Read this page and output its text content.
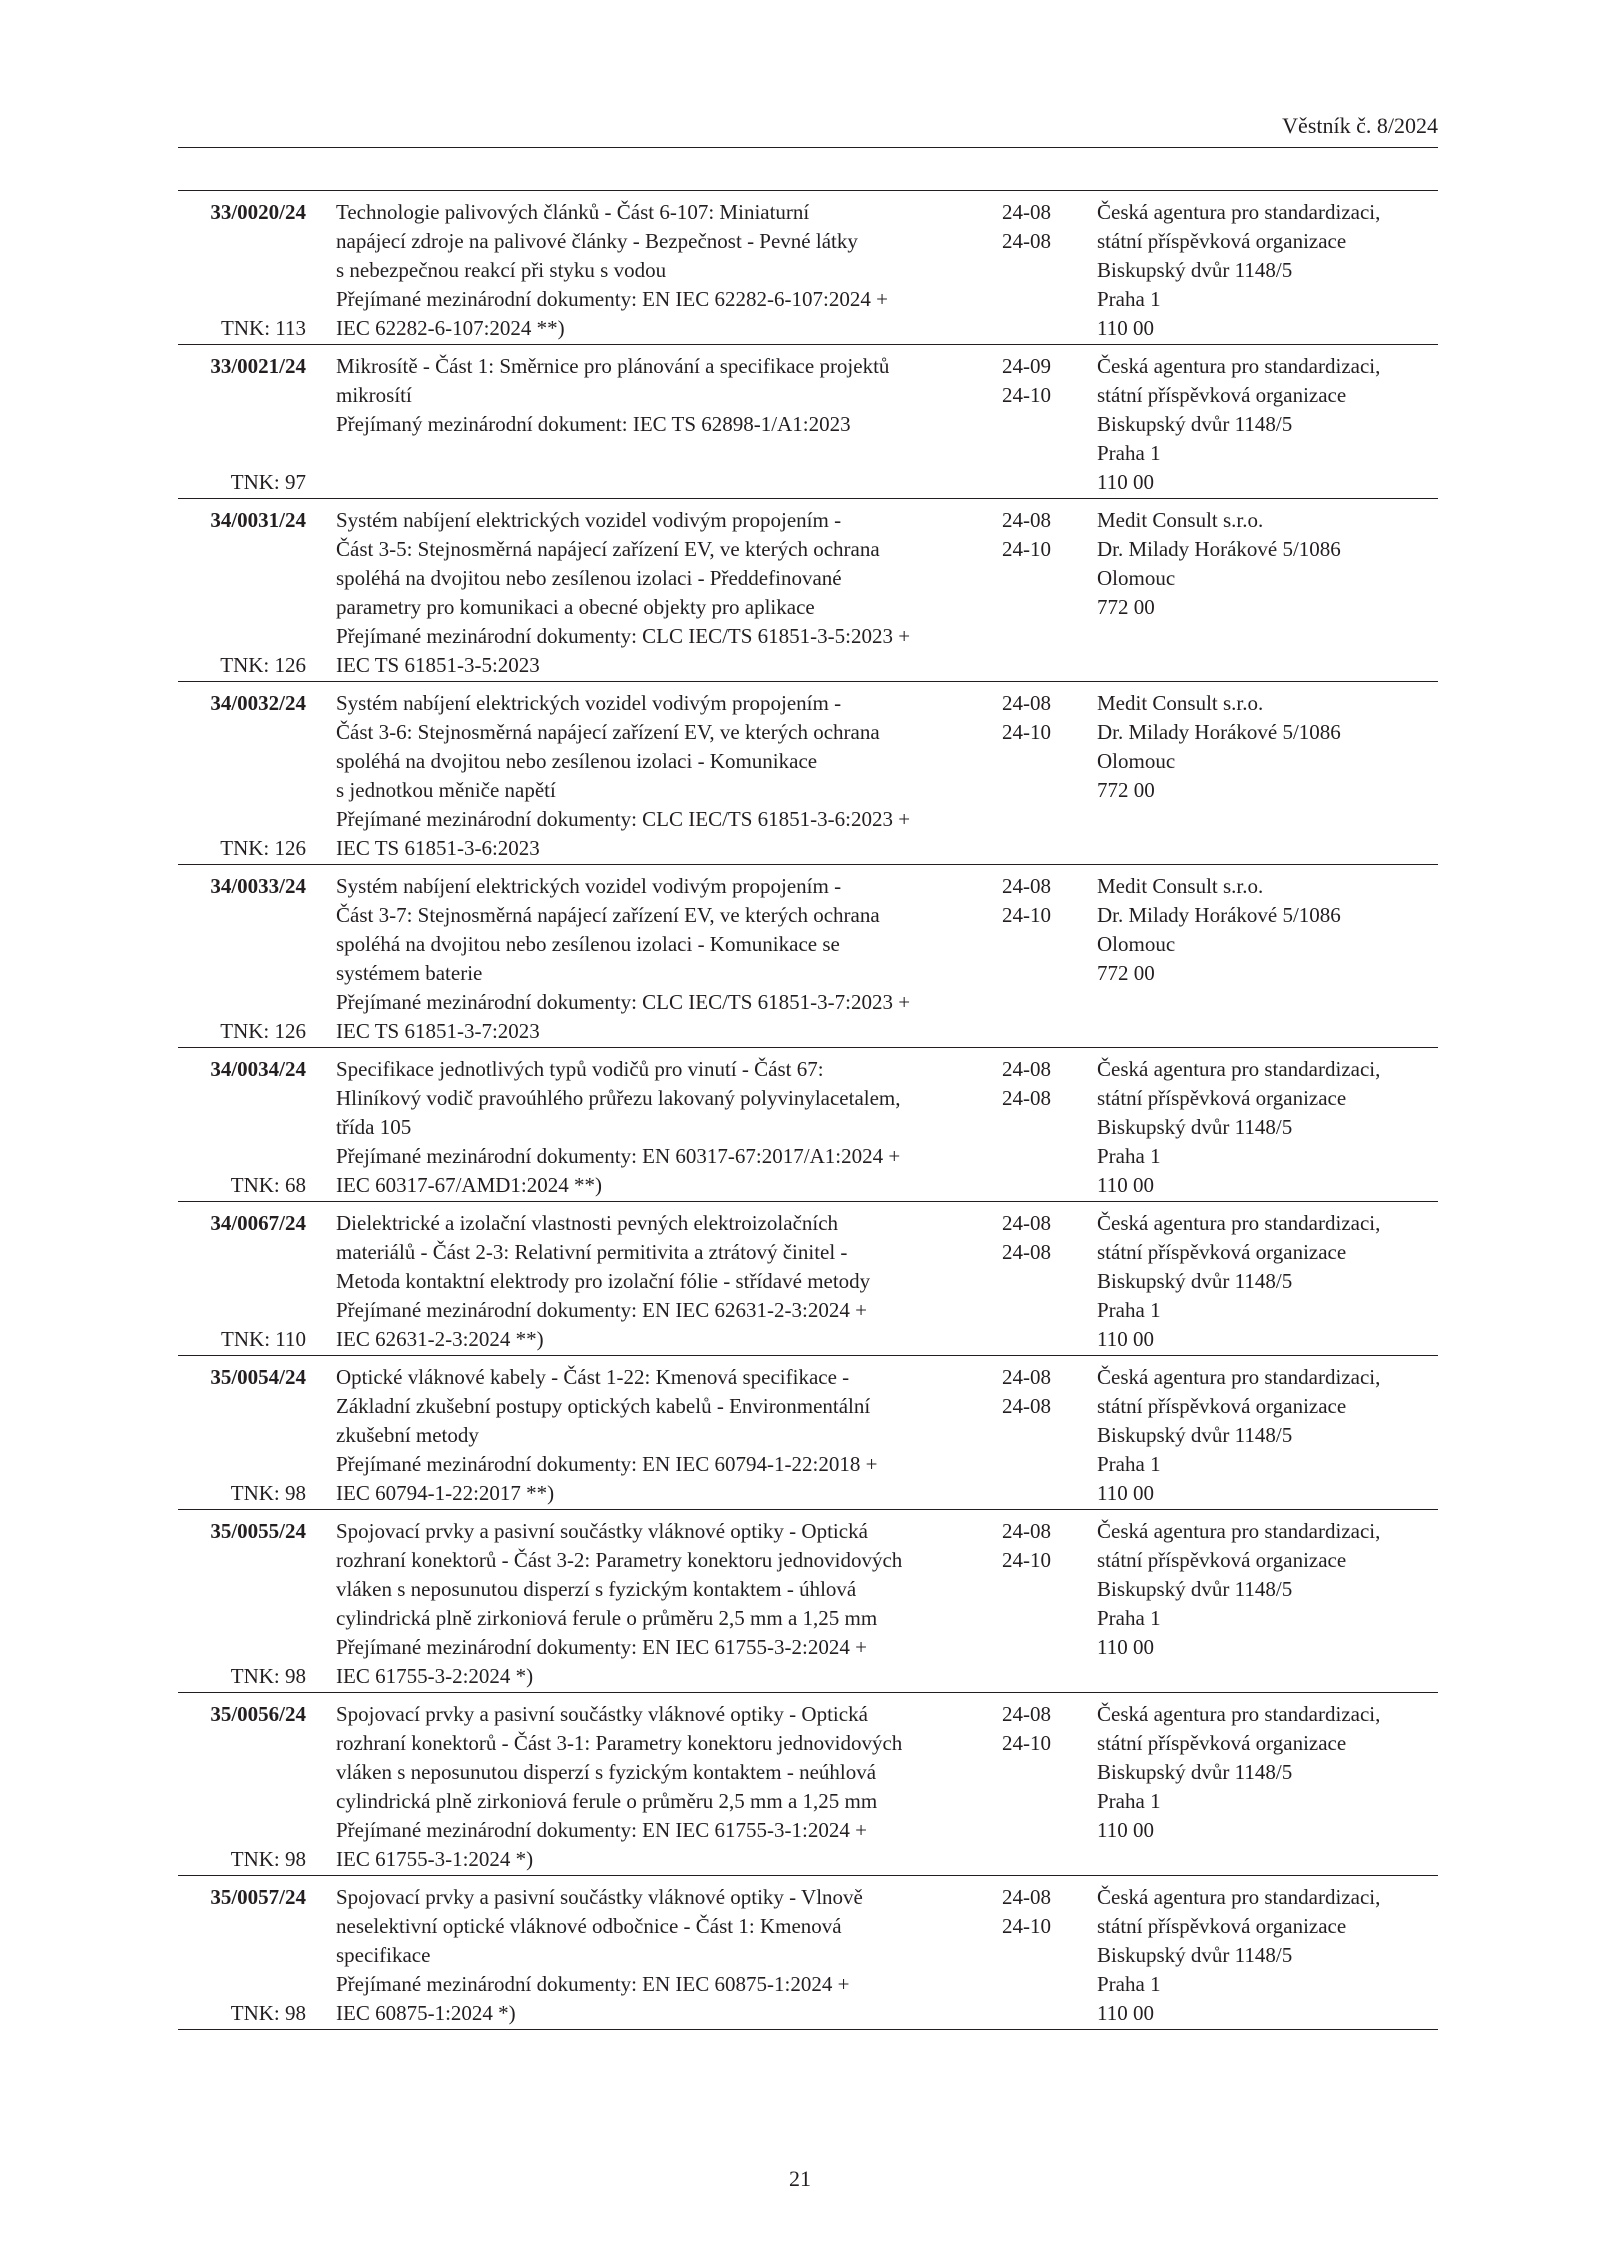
Věstník č. 8/2024
33/0020/24
TNK: 113
Technologie palivových článků - Část 6-107: Miniaturní
napájecí zdroje na palivové články - Bezpečnost - Pevné látky
s nebezpečnou reakcí při styku s vodou
Přejímané mezinárodní dokumenty: EN IEC 62282-6-107:2024 +
IEC 62282-6-107:2024 **)
24-08
24-08
Česká agentura pro standardizaci,
státní příspěvková organizace
Biskupský dvůr 1148/5
Praha 1
110 00
33/0021/24
TNK: 97
Mikrosítě - Část 1: Směrnice pro plánování a specifikace projektů
mikrosítí
Přejímaný mezinárodní dokument: IEC TS 62898-1/A1:2023
24-09
24-10
Česká agentura pro standardizaci,
státní příspěvková organizace
Biskupský dvůr 1148/5
Praha 1
110 00
34/0031/24
TNK: 126
Systém nabíjení elektrických vozidel vodivým propojením -
Část 3-5: Stejnosměrná napájecí zařízení EV, ve kterých ochrana
spoléhá na dvojitou nebo zesílenou izolaci - Předdefinované
parametry pro komunikaci a obecné objekty pro aplikace
Přejímané mezinárodní dokumenty: CLC IEC/TS 61851-3-5:2023 +
IEC TS 61851-3-5:2023
24-08
24-10
Medit Consult s.r.o.
Dr. Milady Horákové 5/1086
Olomouc
772 00
34/0032/24
TNK: 126
Systém nabíjení elektrických vozidel vodivým propojením -
Část 3-6: Stejnosměrná napájecí zařízení EV, ve kterých ochrana
spoléhá na dvojitou nebo zesílenou izolaci - Komunikace
s jednotkou měniče napětí
Přejímané mezinárodní dokumenty: CLC IEC/TS 61851-3-6:2023 +
IEC TS 61851-3-6:2023
24-08
24-10
Medit Consult s.r.o.
Dr. Milady Horákové 5/1086
Olomouc
772 00
34/0033/24
TNK: 126
Systém nabíjení elektrických vozidel vodivým propojením -
Část 3-7: Stejnosměrná napájecí zařízení EV, ve kterých ochrana
spoléhá na dvojitou nebo zesílenou izolaci - Komunikace se
systémem baterie
Přejímané mezinárodní dokumenty: CLC IEC/TS 61851-3-7:2023 +
IEC TS 61851-3-7:2023
24-08
24-10
Medit Consult s.r.o.
Dr. Milady Horákové 5/1086
Olomouc
772 00
34/0034/24
TNK: 68
Specifikace jednotlivých typů vodičů pro vinutí - Část 67:
Hliníkový vodič pravoúhlého průřezu lakovaný polyvinylacetalem,
třída 105
Přejímané mezinárodní dokumenty: EN 60317-67:2017/A1:2024 +
IEC 60317-67/AMD1:2024 **)
24-08
24-08
Česká agentura pro standardizaci,
státní příspěvková organizace
Biskupský dvůr 1148/5
Praha 1
110 00
34/0067/24
TNK: 110
Dielektrické a izolační vlastnosti pevných elektroizolačních
materiálů - Část 2-3: Relativní permitivita a ztrátový činitel -
Metoda kontaktní elektrody pro izolační fólie - střídavé metody
Přejímané mezinárodní dokumenty: EN IEC 62631-2-3:2024 +
IEC 62631-2-3:2024 **)
24-08
24-08
Česká agentura pro standardizaci,
státní příspěvková organizace
Biskupský dvůr 1148/5
Praha 1
110 00
35/0054/24
TNK: 98
Optické vláknové kabely - Část 1-22: Kmenová specifikace -
Základní zkušební postupy optických kabelů - Environmentální
zkušební metody
Přejímané mezinárodní dokumenty: EN IEC 60794-1-22:2018 +
IEC 60794-1-22:2017 **)
24-08
24-08
Česká agentura pro standardizaci,
státní příspěvková organizace
Biskupský dvůr 1148/5
Praha 1
110 00
35/0055/24
TNK: 98
Spojovací prvky a pasivní součástky vláknové optiky - Optická
rozhraní konektorů - Část 3-2: Parametry konektoru jednovidových
vláken s neposunutou disperzí s fyzickým kontaktem - úhlová
cylindrická plně zirkoniová ferule o průměru 2,5 mm a 1,25 mm
Přejímané mezinárodní dokumenty: EN IEC 61755-3-2:2024 +
IEC 61755-3-2:2024 *)
24-08
24-10
Česká agentura pro standardizaci,
státní příspěvková organizace
Biskupský dvůr 1148/5
Praha 1
110 00
35/0056/24
TNK: 98
Spojovací prvky a pasivní součástky vláknové optiky - Optická
rozhraní konektorů - Část 3-1: Parametry konektoru jednovidových
vláken s neposunutou disperzí s fyzickým kontaktem - neúhlová
cylindrická plně zirkoniová ferule o průměru 2,5 mm a 1,25 mm
Přejímané mezinárodní dokumenty: EN IEC 61755-3-1:2024 +
IEC 61755-3-1:2024 *)
24-08
24-10
Česká agentura pro standardizaci,
státní příspěvková organizace
Biskupský dvůr 1148/5
Praha 1
110 00
35/0057/24
TNK: 98
Spojovací prvky a pasivní součástky vláknové optiky - Vlnově
neselektivní optické vláknové odbočnice - Část 1: Kmenová
specifikace
Přejímané mezinárodní dokumenty: EN IEC 60875-1:2024 +
IEC 60875-1:2024 *)
24-08
24-10
Česká agentura pro standardizaci,
státní příspěvková organizace
Biskupský dvůr 1148/5
Praha 1
110 00
21
